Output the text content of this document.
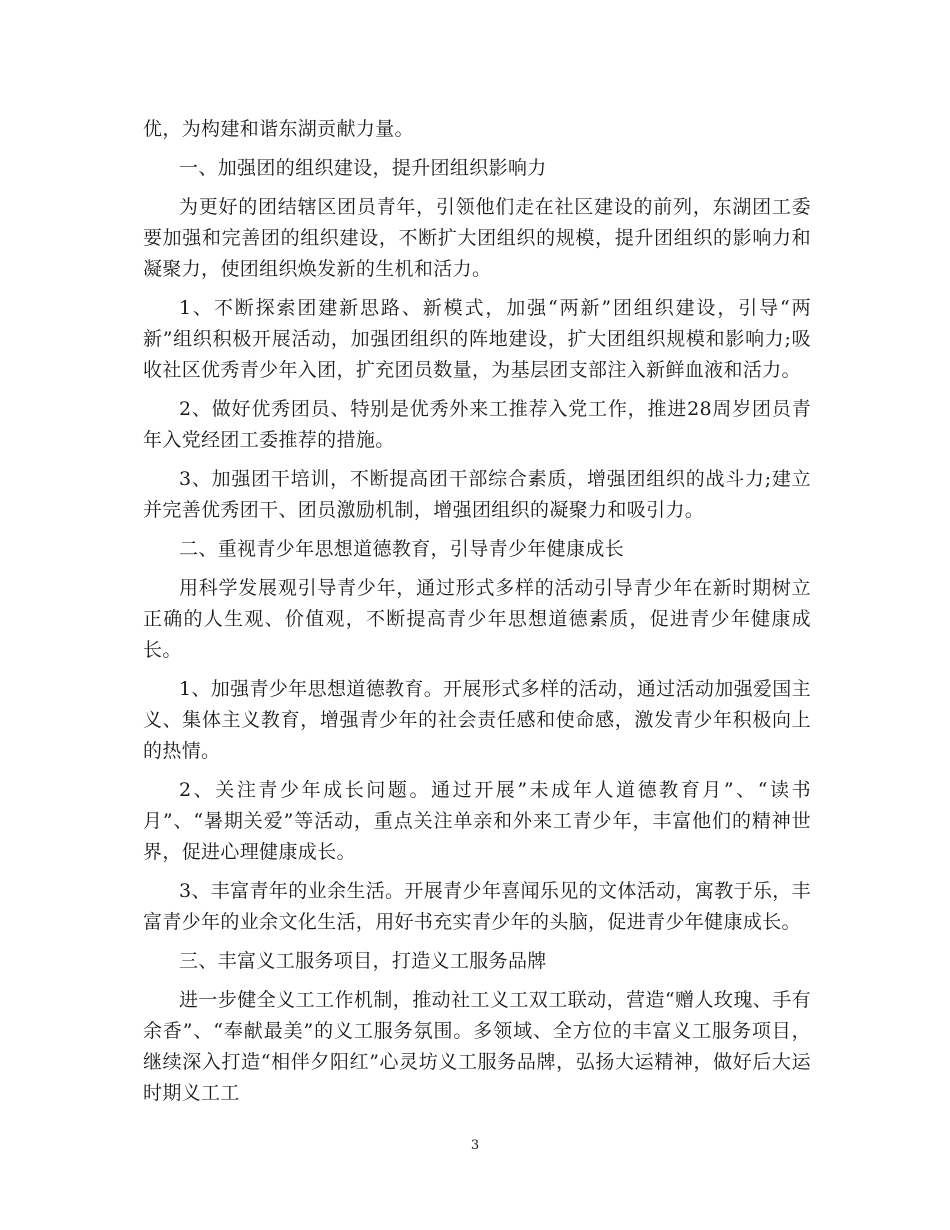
优，为构建和谐东湖贡献力量。

一、加强团的组织建设，提升团组织影响力

为更好的团结辖区团员青年，引领他们走在社区建设的前列，东湖团工委要加强和完善团的组织建设，不断扩大团组织的规模，提升团组织的影响力和凝聚力，使团组织焕发新的生机和活力。

1、不断探索团建新思路、新模式，加强“两新”团组织建设，引导“两新”组织积极开展活动，加强团组织的阵地建设，扩大团组织规模和影响力;吸收社区优秀青少年入团，扩充团员数量，为基层团支部注入新鲜血液和活力。

2、做好优秀团员、特别是优秀外来工推荐入党工作，推进28周岁团员青年入党经团工委推荐的措施。

3、加强团干培训，不断提高团干部综合素质，增强团组织的战斗力;建立并完善优秀团干、团员激励机制，增强团组织的凝聚力和吸引力。

二、重视青少年思想道德教育，引导青少年健康成长

用科学发展观引导青少年，通过形式多样的活动引导青少年在新时期树立正确的人生观、价值观，不断提高青少年思想道德素质，促进青少年健康成长。

1、加强青少年思想道德教育。开展形式多样的活动，通过活动加强爱国主义、集体主义教育，增强青少年的社会责任感和使命感，激发青少年积极向上的热情。

2、关注青少年成长问题。通过开展”未成年人道德教育月”、“读书月”、“暑期关爱”等活动，重点关注单亲和外来工青少年，丰富他们的精神世界，促进心理健康成长。

3、丰富青年的业余生活。开展青少年喜闻乐见的文体活动，寓教于乐，丰富青少年的业余文化生活，用好书充实青少年的头脑，促进青少年健康成长。

三、丰富义工服务项目，打造义工服务品牌

进一步健全义工工作机制，推动社工义工双工联动，营造“赠人玫瑰、手有余香”、“奉献最美”的义工服务氛围。多领域、全方位的丰富义工服务项目，继续深入打造“相伴夕阳红”心灵坊义工服务品牌，弘扬大运精神，做好后大运时期义工工

3
